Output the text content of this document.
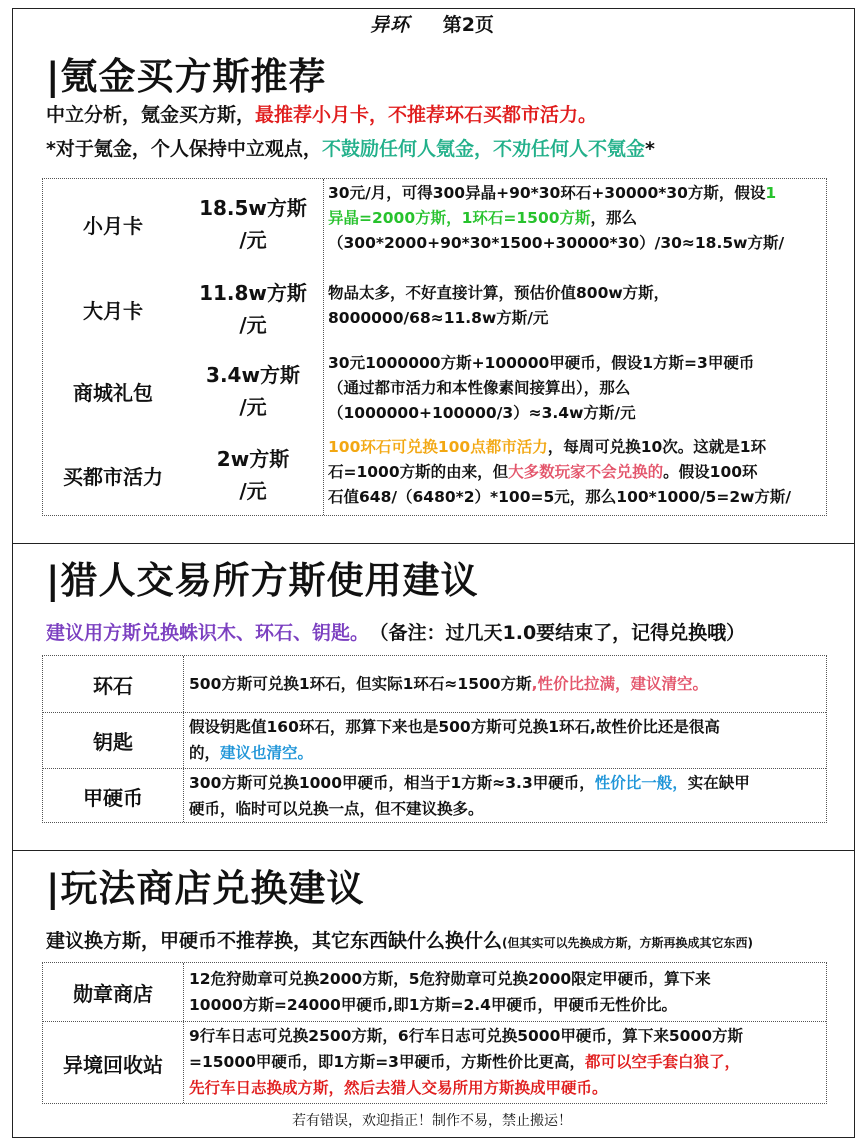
异环 第2页
|氪金买方斯推荐
中立分析，氪金买方斯，最推荐小月卡，不推荐环石买都市活力。
*对于氪金，个人保持中立观点，不鼓励任何人氪金，不劝任何人不氪金*
小月卡
18.5w方斯
/元
30元/月，可得300异晶+90*30环石+30000*30方斯，假设1
异晶=2000方斯，1环石=1500方斯，那么
（300*2000+90*30*1500+30000*30）/30≈18.5w方斯/
大月卡
11.8w方斯
/元
物品太多，不好直接计算，预估价值800w方斯，
8000000/68≈11.8w方斯/元
商城礼包
3.4w方斯
/元
30元1000000方斯+100000甲硬币，假设1方斯=3甲硬币
（通过都市活力和本性像素间接算出），那么
（1000000+100000/3）≈3.4w方斯/元
买都市活力
2w方斯
/元
100环石可兑换100点都市活力，每周可兑换10次。这就是1环
石=1000方斯的由来，但大多数玩家不会兑换的。假设100环
石值648/（6480*2）*100=5元，那么100*1000/5=2w方斯/
|猎人交易所方斯使用建议
建议用方斯兑换蛛识木、环石、钥匙。 （备注：过几天1.0要结束了，记得兑换哦）
环石	500方斯可兑换1环石，但实际1环石≈1500方斯,性价比拉满，建议清空。
钥匙
假设钥匙值160环石，那算下来也是500方斯可兑换1环石,故性价比还是很高
的，建议也清空。
甲硬币
300方斯可兑换1000甲硬币，相当于1方斯≈3.3甲硬币，性价比一般，实在缺甲
硬币，临时可以兑换一点，但不建议换多。
|玩法商店兑换建议
建议换方斯，甲硬币不推荐换，其它东西缺什么换什么(但其实可以先换成方斯，方斯再换成其它东西)
勋章商店
12危狩勋章可兑换2000方斯，5危狩勋章可兑换2000限定甲硬币，算下来
10000方斯=24000甲硬币,即1方斯=2.4甲硬币，甲硬币无性价比。
异境回收站
9行车日志可兑换2500方斯，6行车日志可兑换5000甲硬币，算下来5000方斯
=15000甲硬币，即1方斯=3甲硬币，方斯性价比更高，都可以空手套白狼了，
先行车日志换成方斯，然后去猎人交易所用方斯换成甲硬币。
若有错误，欢迎指正！制作不易，禁止搬运！
